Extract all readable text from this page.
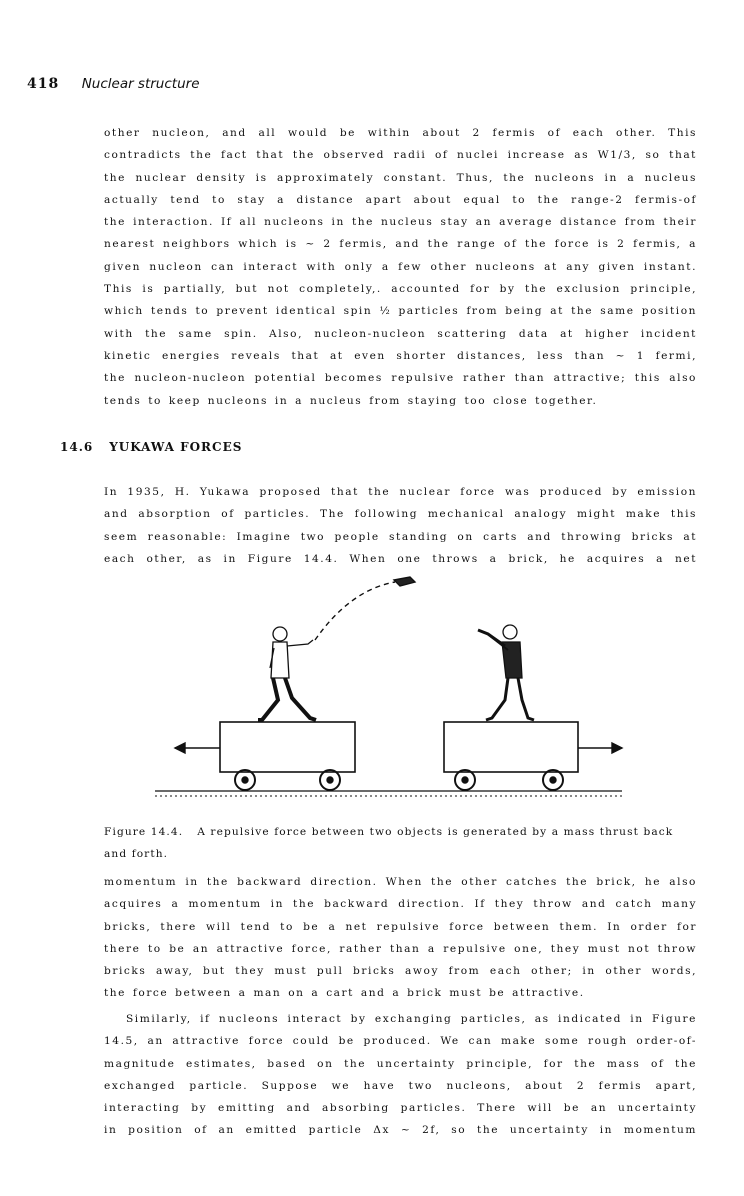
418 Nuclear structure
other nucleon, and all would be within about 2 fermis of each other. This
contradicts the fact that the observed radii of nuclei increase as W1/3, so that
the nuclear density is approximately constant. Thus, the nucleons in a nucleus
actually tend to stay a distance apart about equal to the range-2 fermis-of
the interaction. If all nucleons in the nucleus stay an average distance from their
nearest neighbors which is ~ 2 fermis, and the range of the force is 2 fermis, a
given nucleon can interact with only a few other nucleons at any given instant.
This is partially, but not completely,. accounted for by the exclusion principle,
which tends to prevent identical spin ½ particles from being at the same position
with the same spin. Also, nucleon-nucleon scattering data at higher incident
kinetic energies reveals that at even shorter distances, less than ~ 1 fermi,
the nucleon-nucleon potential becomes repulsive rather than attractive; this also
tends to keep nucleons in a nucleus from staying too close together.
14.6 YUKAWA FORCES
In 1935, H. Yukawa proposed that the nuclear force was produced by emission
and absorption of particles. The following mechanical analogy might make this
seem reasonable: Imagine two people standing on carts and throwing bricks at
each other, as in Figure 14.4. When one throws a brick, he acquires a net
Figure 14.4. A repulsive force between two objects is generated by a mass thrust back and forth.
momentum in the backward direction. When the other catches the brick, he also
acquires a momentum in the backward direction. If they throw and catch many
bricks, there will tend to be a net repulsive force between them. In order for
there to be an attractive force, rather than a repulsive one, they must not throw
bricks away, but they must pull bricks awoy from each other; in other words,
the force between a man on a cart and a brick must be attractive.
Similarly, if nucleons interact by exchanging particles, as indicated in Figure
14.5, an attractive force could be produced. We can make some rough order-of-
magnitude estimates, based on the uncertainty principle, for the mass of the
exchanged particle. Suppose we have two nucleons, about 2 fermis apart,
interacting by emitting and absorbing particles. There will be an uncertainty
in position of an emitted particle Δx ~ 2f, so the uncertainty in momentum
